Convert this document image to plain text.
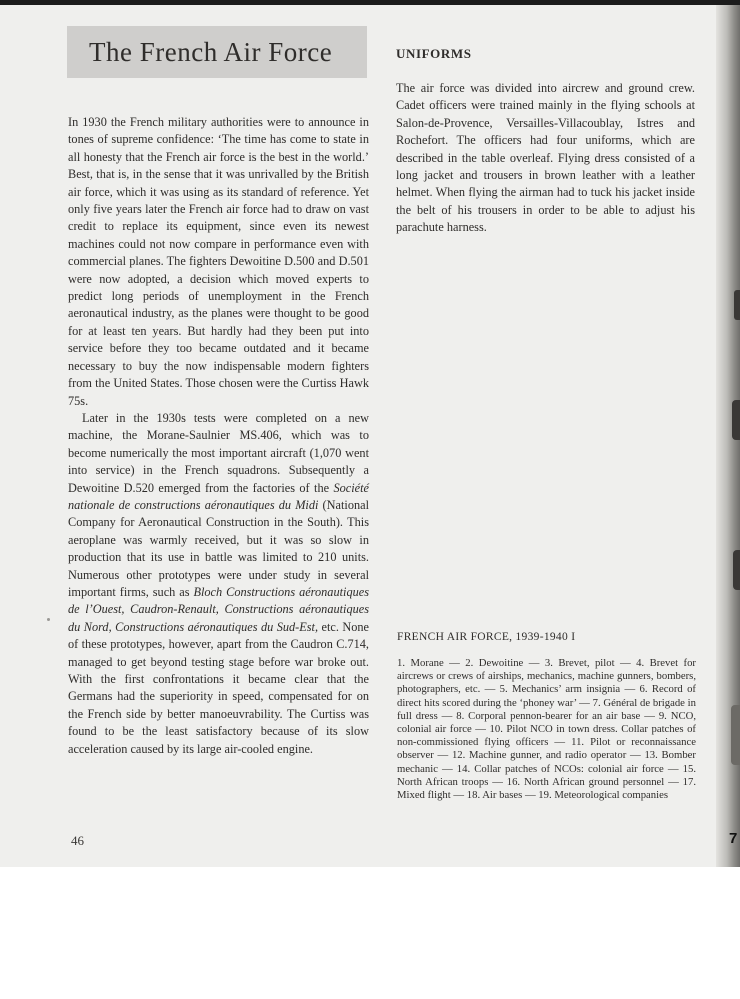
The French Air Force

In 1930 the French military authorities were to announce in tones of supreme confidence: ‘The time has come to state in all honesty that the French air force is the best in the world.’ Best, that is, in the sense that it was unrivalled by the British air force, which it was using as its standard of reference. Yet only five years later the French air force had to draw on vast credit to replace its equipment, since even its newest machines could not now compare in performance even with commercial planes. The fighters Dewoitine D.500 and D.501 were now adopted, a decision which moved experts to predict long periods of unemployment in the French aeronautical industry, as the planes were thought to be good for at least ten years. But hardly had they been put into service before they too became outdated and it became necessary to buy the now indispensable modern fighters from the United States. Those chosen were the Curtiss Hawk 75s.

Later in the 1930s tests were completed on a new machine, the Morane-Saulnier MS.406, which was to become numerically the most important aircraft (1,070 went into service) in the French squadrons. Subsequently a Dewoitine D.520 emerged from the factories of the Société nationale de constructions aéronautiques du Midi (National Company for Aeronautical Construction in the South). This aeroplane was warmly received, but it was so slow in production that its use in battle was limited to 210 units. Numerous other prototypes were under study in several important firms, such as Bloch Constructions aéronautiques de l’Ouest, Caudron-Renault, Constructions aéronautiques du Nord, Constructions aéronautiques du Sud-Est, etc. None of these prototypes, however, apart from the Caudron C.714, managed to get beyond testing stage before war broke out. With the first confrontations it became clear that the Germans had the superiority in speed, compensated for on the French side by better manoeuvrability. The Curtiss was found to be the least satisfactory because of its slow acceleration caused by its large air-cooled engine.

UNIFORMS

The air force was divided into aircrew and ground crew. Cadet officers were trained mainly in the flying schools at Salon-de-Provence, Versailles-Villacoublay, Istres and Rochefort. The officers had four uniforms, which are described in the table overleaf. Flying dress consisted of a long jacket and trousers in brown leather with a leather helmet. When flying the airman had to tuck his jacket inside the belt of his trousers in order to be able to adjust his parachute harness.

FRENCH AIR FORCE, 1939-1940 I

1. Morane — 2. Dewoitine — 3. Brevet, pilot — 4. Brevet for aircrews or crews of airships, mechanics, machine gunners, bombers, photographers, etc. — 5. Mechanics’ arm insignia — 6. Record of direct hits scored during the ‘phoney war’ — 7. Général de brigade in full dress — 8. Corporal pennon-bearer for an air base — 9. NCO, colonial air force — 10. Pilot NCO in town dress. Collar patches of non-commissioned flying officers — 11. Pilot or reconnaissance observer — 12. Machine gunner, and radio operator — 13. Bomber mechanic — 14. Collar patches of NCOs: colonial air force — 15. North African troops — 16. North African ground personnel — 17. Mixed flight — 18. Air bases — 19. Meteorological companies

46	7
